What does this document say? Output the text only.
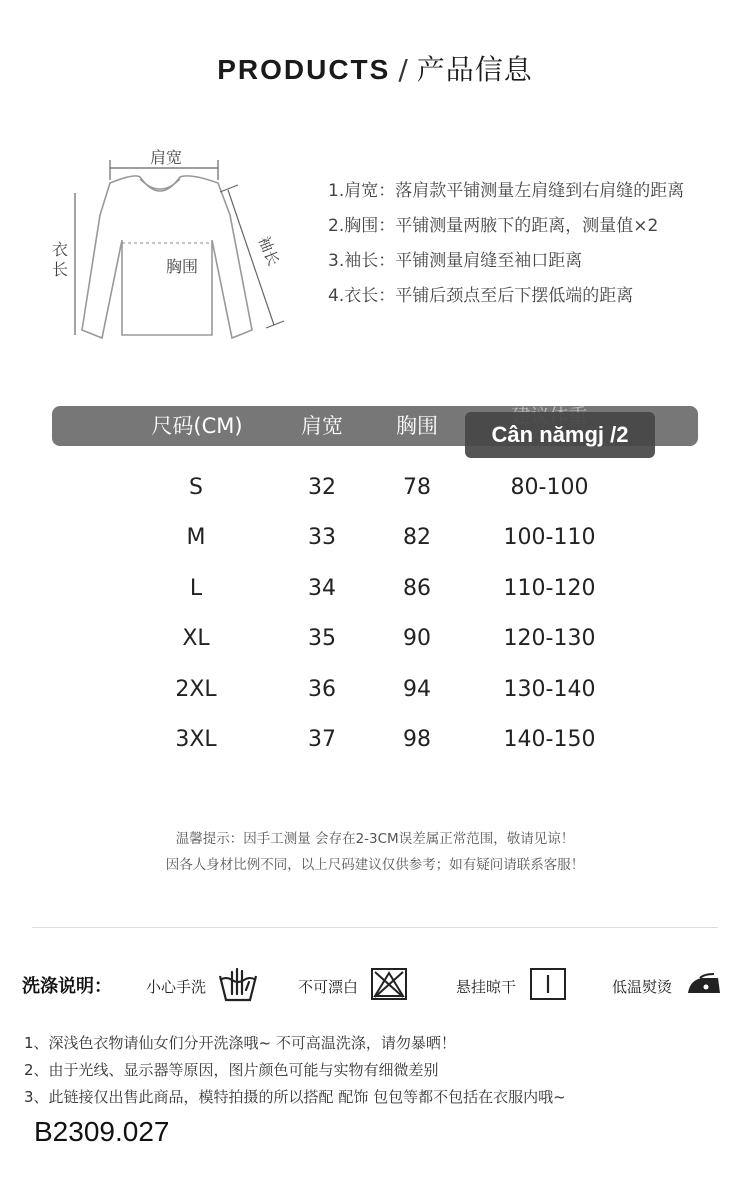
PRODUCTS / 产品信息
肩宽
胸围
衣
长
袖长
1.肩宽：落肩款平铺测量左肩缝到右肩缝的距离
2.胸围：平铺测量两腋下的距离，测量值×2
3.袖长：平铺测量肩缝至袖口距离
4.衣长：平铺后颈点至后下摆低端的距离
尺码(CM)	肩宽	胸围	Cân nămgj /2
S	32	78	80-100
M	33	82	100-110
L	34	86	110-120
XL	35	90	120-130
2XL	36	94	130-140
3XL	37	98	140-150
温馨提示：因手工测量 会存在2-3CM误差属正常范围，敬请见谅！
因各人身材比例不同，以上尺码建议仅供参考；如有疑问请联系客服！
洗涤说明： 小心手洗	不可漂白	悬挂晾干	低温熨烫
1、深浅色衣物请仙女们分开洗涤哦~ 不可高温洗涤，请勿暴晒！
2、由于光线、显示器等原因，图片颜色可能与实物有细微差别
3、此链接仅出售此商品，模特拍摄的所以搭配 配饰 包包等都不包括在衣服内哦~
B2309.027
